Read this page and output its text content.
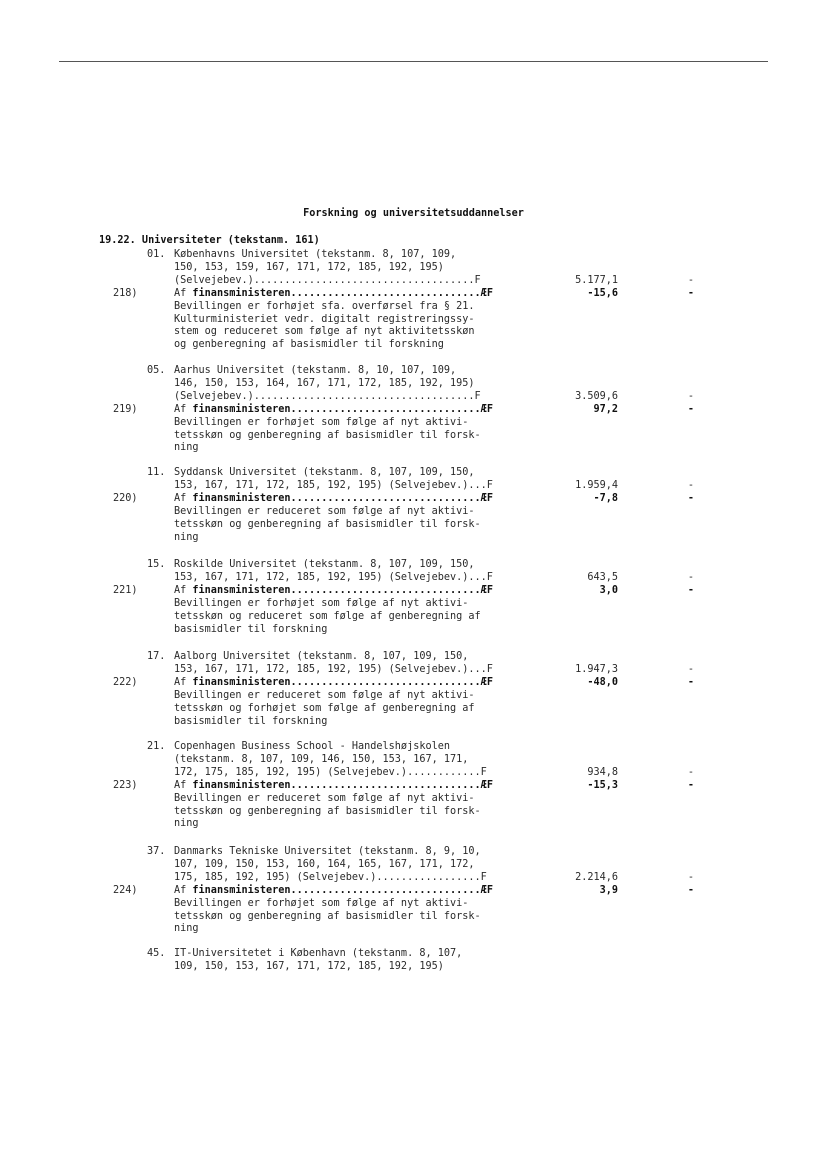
Forskning og universitetsuddannelser
19.22. Universiteter (tekstanm. 161)
01. Københavns Universitet (tekstanm. 8, 107, 109,
150, 153, 159, 167, 171, 172, 185, 192, 195)
(Selvejebev.)....................................F	5.177,1	-
218)	Af finansministeren...............................ÆF	-15,6	-
Bevillingen er forhøjet sfa. overførsel fra § 21.
Kulturministeriet vedr. digitalt registreringssy-
stem og reduceret som følge af nyt aktivitetsskøn
og genberegning af basismidler til forskning
05. Aarhus Universitet (tekstanm. 8, 10, 107, 109,
146, 150, 153, 164, 167, 171, 172, 185, 192, 195)
(Selvejebev.)....................................F	3.509,6	-
219)	Af finansministeren...............................ÆF	97,2	-
Bevillingen er forhøjet som følge af nyt aktivi-
tetsskøn og genberegning af basismidler til forsk-
ning
11. Syddansk Universitet (tekstanm. 8, 107, 109, 150,
153, 167, 171, 172, 185, 192, 195) (Selvejebev.)...F	1.959,4	-
220)	Af finansministeren...............................ÆF	-7,8	-
Bevillingen er reduceret som følge af nyt aktivi-
tetsskøn og genberegning af basismidler til forsk-
ning
15. Roskilde Universitet (tekstanm. 8, 107, 109, 150,
153, 167, 171, 172, 185, 192, 195) (Selvejebev.)...F	643,5	-
221)	Af finansministeren...............................ÆF	3,0	-
Bevillingen er forhøjet som følge af nyt aktivi-
tetsskøn og reduceret som følge af genberegning af
basismidler til forskning
17. Aalborg Universitet (tekstanm. 8, 107, 109, 150,
153, 167, 171, 172, 185, 192, 195) (Selvejebev.)...F	1.947,3	-
222)	Af finansministeren...............................ÆF	-48,0	-
Bevillingen er reduceret som følge af nyt aktivi-
tetsskøn og forhøjet som følge af genberegning af
basismidler til forskning
21. Copenhagen Business School - Handelshøjskolen
(tekstanm. 8, 107, 109, 146, 150, 153, 167, 171,
172, 175, 185, 192, 195) (Selvejebev.)............F	934,8	-
223)	Af finansministeren...............................ÆF	-15,3	-
Bevillingen er reduceret som følge af nyt aktivi-
tetsskøn og genberegning af basismidler til forsk-
ning
37. Danmarks Tekniske Universitet (tekstanm. 8, 9, 10,
107, 109, 150, 153, 160, 164, 165, 167, 171, 172,
175, 185, 192, 195) (Selvejebev.).................F	2.214,6	-
224)	Af finansministeren...............................ÆF	3,9	-
Bevillingen er forhøjet som følge af nyt aktivi-
tetsskøn og genberegning af basismidler til forsk-
ning
45. IT-Universitetet i København (tekstanm. 8, 107,
109, 150, 153, 167, 171, 172, 185, 192, 195)
